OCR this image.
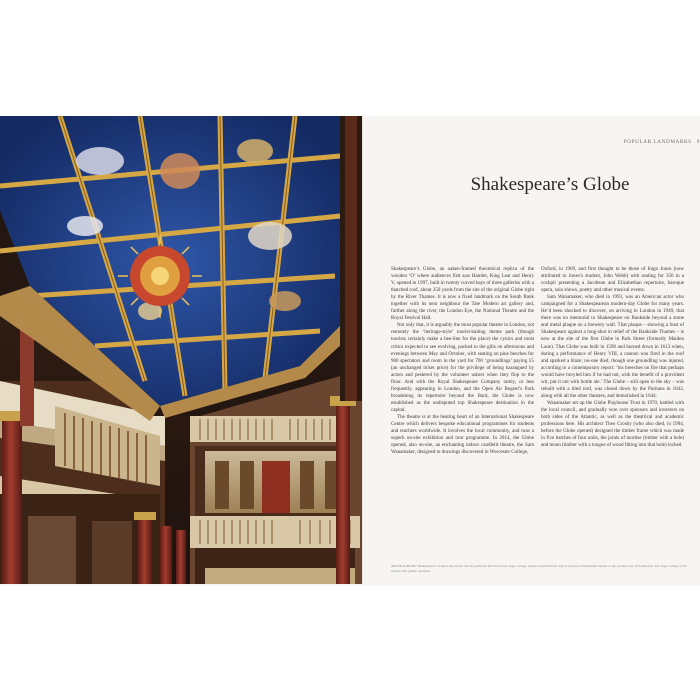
POPULAR LANDMARKS 9
Shakespeare’s Globe

Shakespeare’s Globe, an oaken-framed theoretical replica of the wooden ‘O’ where audiences first saw Hamlet, King Lear and Henry V, opened in 1997, built in twenty curved bays of three galleries with a thatched roof, about 250 yards from the site of the original Globe right by the River Thames. It is now a fixed landmark on the South Bank together with its near neighbour the Tate Modern art gallery and, further along the river, the London Eye, the National Theatre and the Royal Festival Hall.

Not only that, it is arguably the most popular theatre in London, not remotely the ‘heritage-style’ tourist-baiting theme park (though tourists certainly make a bee-line for the place) the cynics and most critics expected to see evolving, packed to the gills on afternoons and evenings between May and October, with seating on pine benches for 900 spectators and room in the yard for 700 ‘groundlings’ paying £5 (an unchanged ticket price) for the privilege of being harangued by actors and pestered by the volunteer ushers when they flop to the floor. And with the Royal Shakespeare Company rarely, or less frequently, appearing in London, and the Open Air Regent’s Park broadening its repertoire beyond the Bard, the Globe is now established as the undisputed top Shakespeare destination in the capital.

The theatre is at the beating heart of an International Shakespeare Centre which delivers bespoke educational programmes for students and teachers worldwide. It involves the local community, and runs a superb on-site exhibition and tour programme. In 2014, the Globe opened, also on-site, an enchanting indoor candlelit theatre, the Sam Wanamaker, designed to drawings discovered in Worcester College,

Oxford, in 1969, and first thought to be those of Inigo Jones (now attributed to Jones’s student, John Webb) with seating for 350 in a cockpit presenting a Jacobean and Elizabethan repertoire, baroque opera, solo shows, poetry and other musical events.

Sam Wanamaker, who died in 1993, was an American actor who campaigned for a Shakespearean modern-day Globe for many years. He’d been shocked to discover, on arriving in London in 1949, that there was no memorial to Shakespeare on Bankside beyond a stone and metal plaque on a brewery wall. That plaque – showing a bust of Shakespeare against a long-shot in relief of the Bankside Thames – is now at the site of the first Globe in Park Street (formerly Maiden Lane). That Globe was built in 1598 and burned down in 1613 when, during a performance of Henry VIII, a cannon was fired in the roof and sparked a blaze; no-one died, though one groundling was injured, according to a contemporary report: ‘his breeches on fire that perhaps would have broyled him if he had not, with the benefit of a provident wit, put it out with bottle ale.’ The Globe – still open to the sky – was rebuilt with a tiled roof, was closed down by the Puritans in 1642, along with all the other theatres, and demolished in 1644.

Wanamaker set up the Globe Playhouse Trust in 1970, battled with the local council, and gradually won over sponsors and investors on both sides of the Atlantic, as well as the theatrical and academic professions here. His architect Theo Crosby (who also died, in 1994, before the Globe opened) designed the timber frame which was made in five batches of four units, the joints of mortise (timber with a hole) and tenon (timber with a tongue of wood fitting into that hole) locked

ABOVE & RIGHT: Shakespeare’s modern-day Globe has the galleried interior, thrust stage, canopy heavens and thatched roof of a famous Elizabethan theatre in the London area of Southwark. The stage canopy of the theatre with golden starlight.
